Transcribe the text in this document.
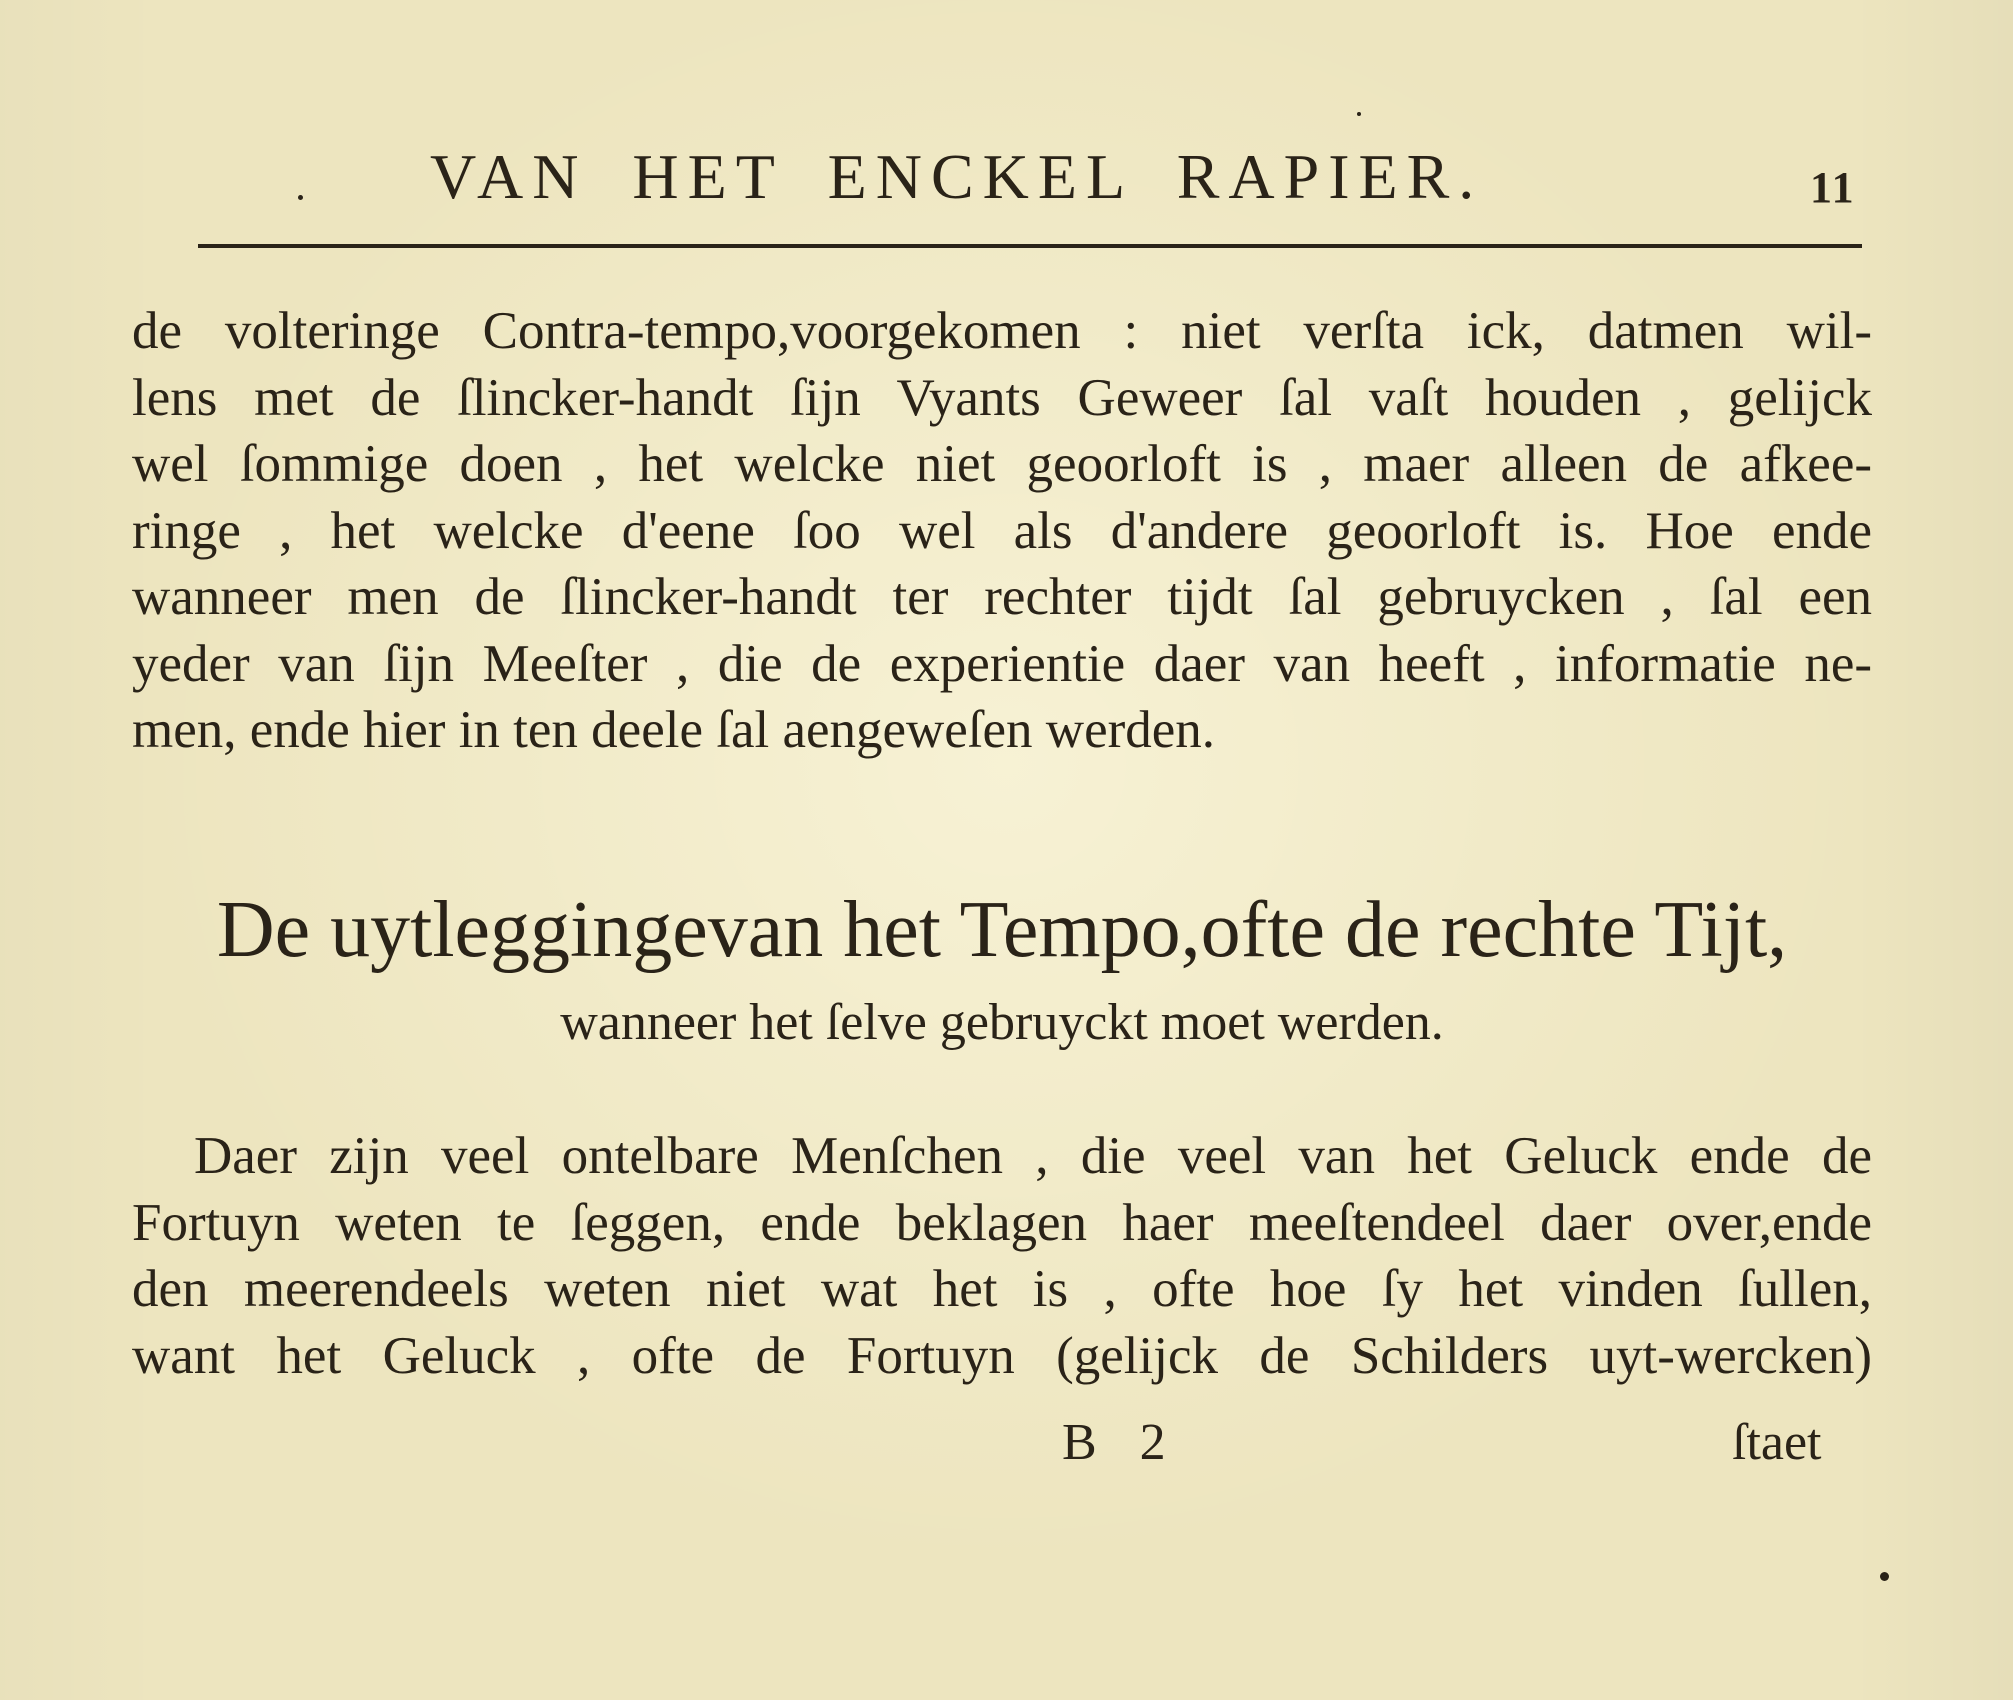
VAN HET ENCKEL RAPIER.	11
de volteringe Contra-tempo,voorgekomen : niet verſta ick, datmen wil-
lens met de ſlincker-handt ſijn Vyants Geweer ſal vaſt houden , gelijck
wel ſommige doen , het welcke niet geoorloft is , maer alleen de afkee-
ringe , het welcke d'eene ſoo wel als d'andere geoorloft is. Hoe ende
wanneer men de ſlincker-handt ter rechter tijdt ſal gebruycken , ſal een
yeder van ſijn Meeſter , die de experientie daer van heeft , informatie ne-
men, ende hier in ten deele ſal aengeweſen werden.
De uytleggingevan het Tempo,ofte de rechte Tijt,
wanneer het ſelve gebruyckt moet werden.
Daer zijn veel ontelbare Menſchen , die veel van het Geluck ende de
Fortuyn weten te ſeggen, ende beklagen haer meeſtendeel daer over,ende
den meerendeels weten niet wat het is , ofte hoe ſy het vinden ſullen,
want het Geluck , ofte de Fortuyn (gelijck de Schilders uyt-wercken)
B 2	ſtaet
